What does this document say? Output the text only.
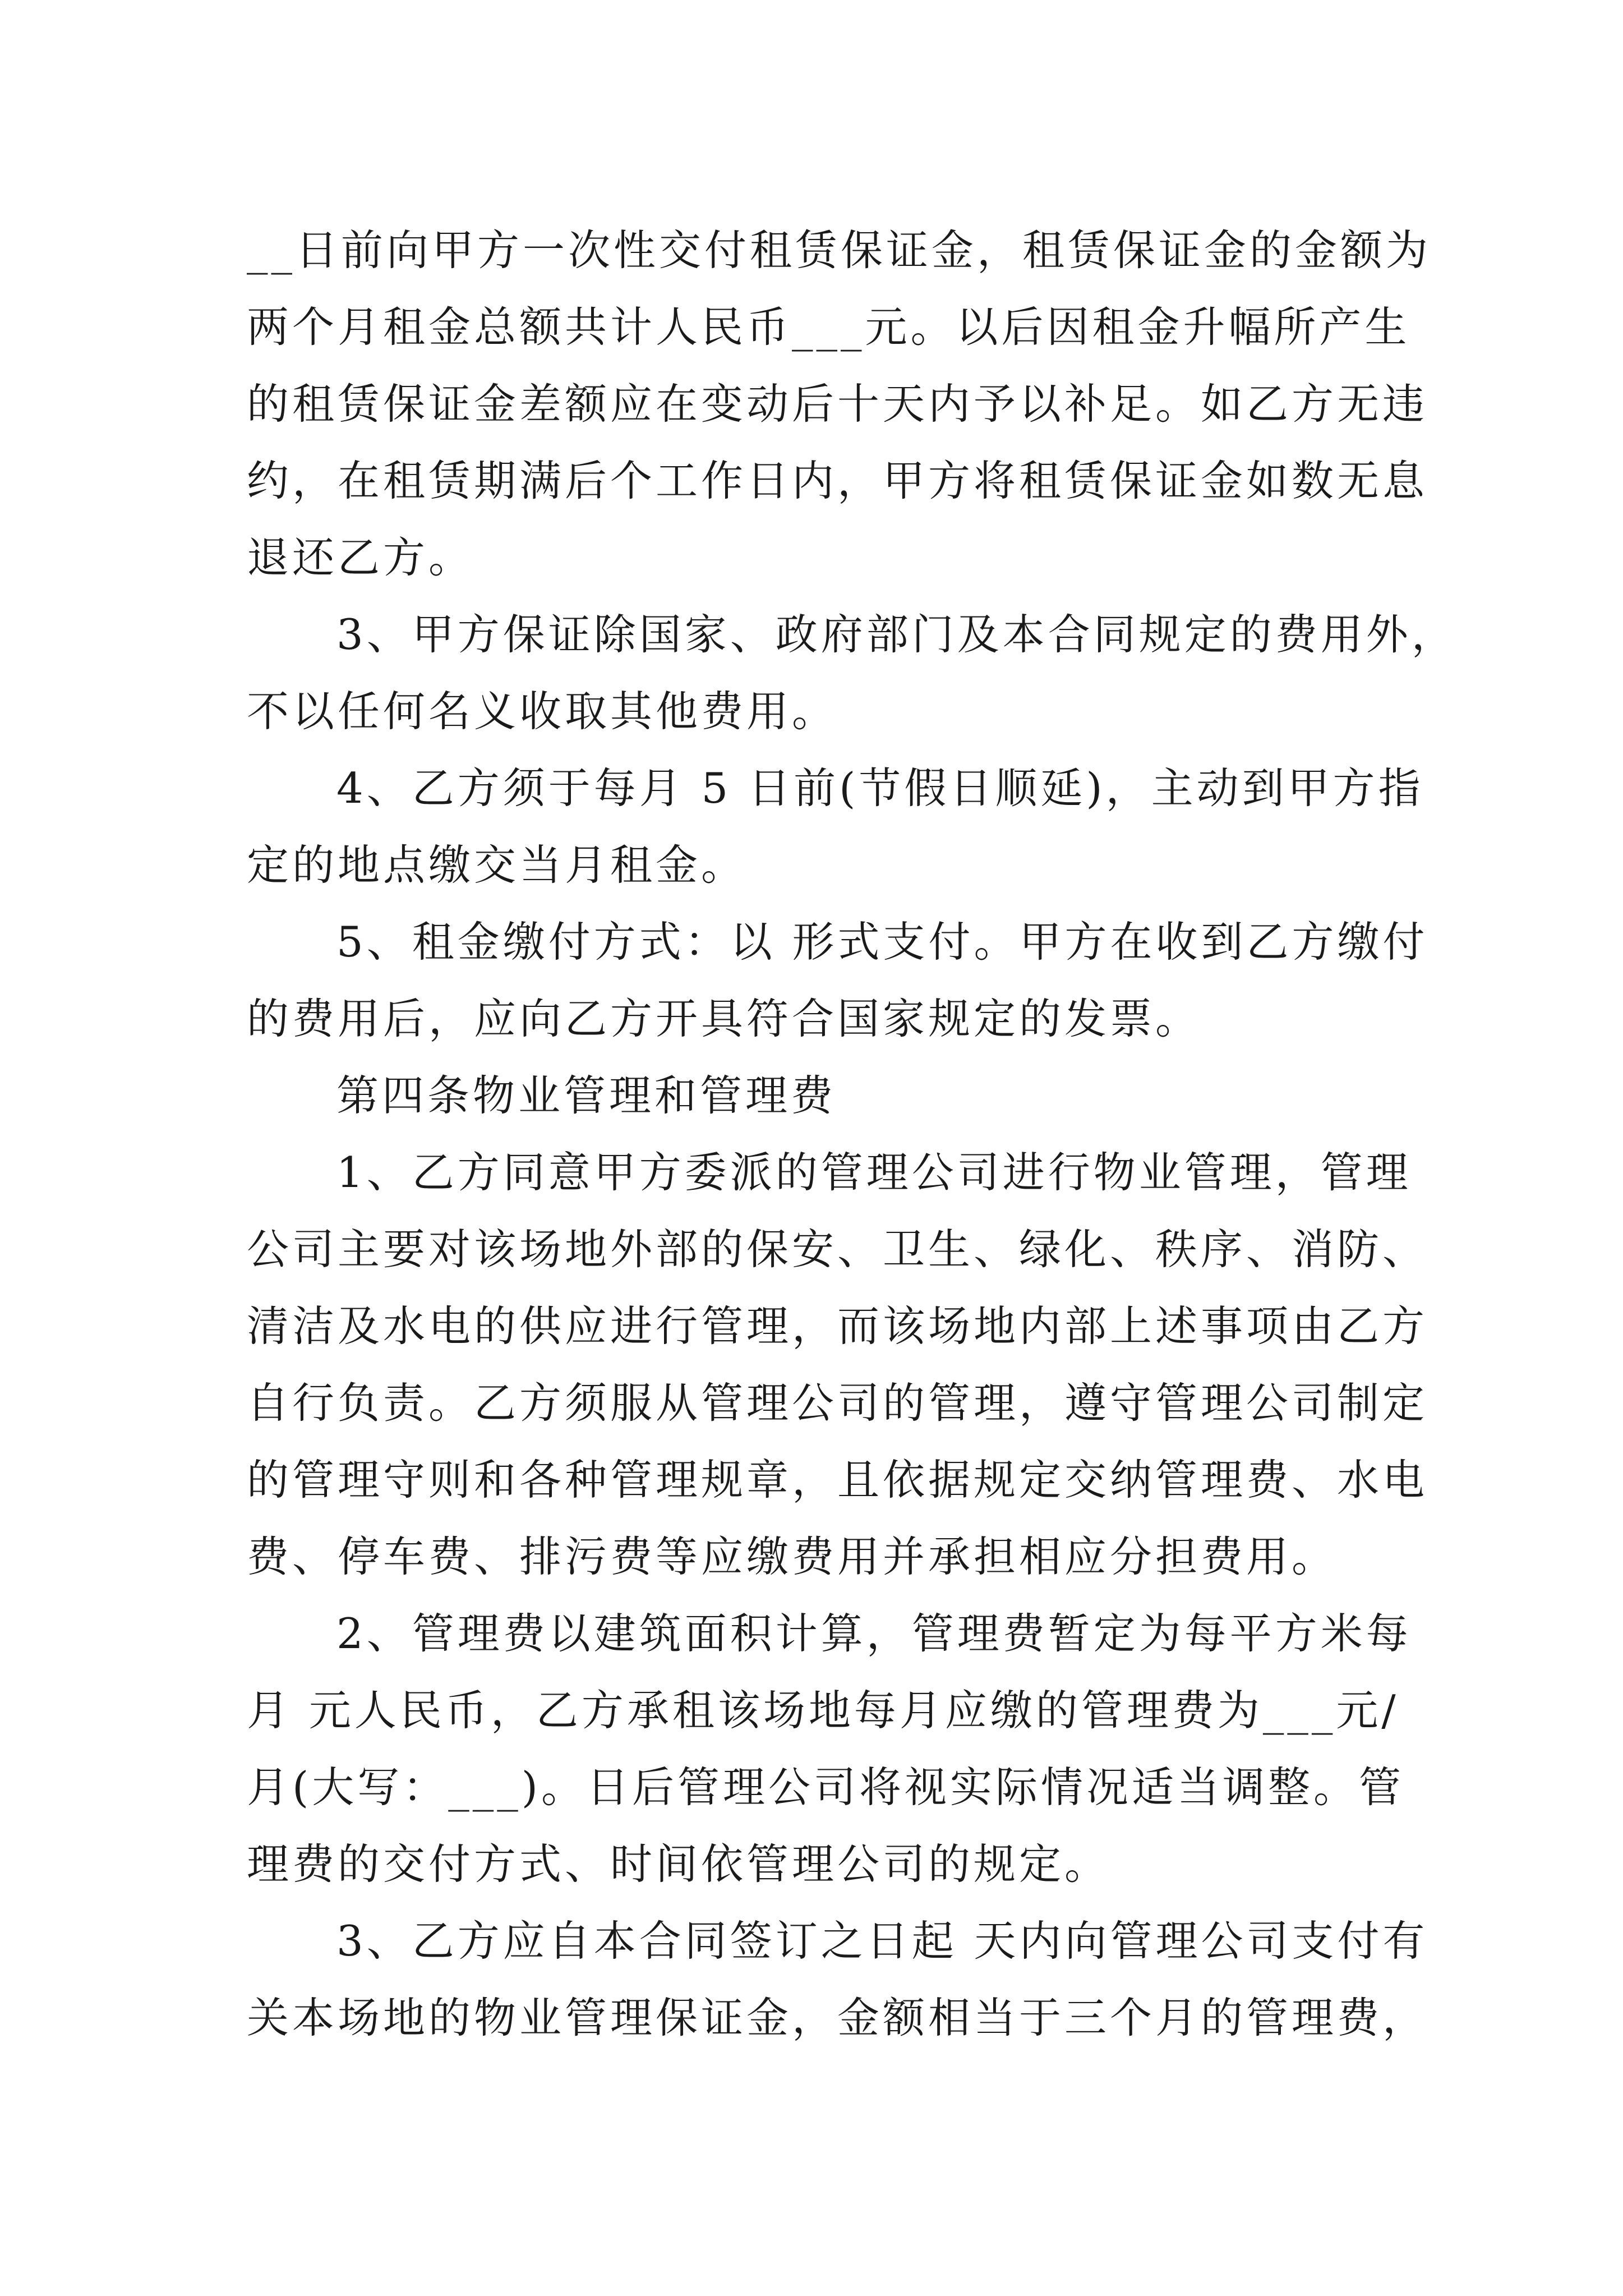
__日前向甲方一次性交付租赁保证金，租赁保证金的金额为
两个月租金总额共计人民币___元。以后因租金升幅所产生
的租赁保证金差额应在变动后十天内予以补足。如乙方无违
约，在租赁期满后个工作日内，甲方将租赁保证金如数无息
退还乙方。
3、甲方保证除国家、政府部门及本合同规定的费用外，
不以任何名义收取其他费用。
4、乙方须于每月 5 日前(节假日顺延)，主动到甲方指
定的地点缴交当月租金。
5、租金缴付方式：以 形式支付。甲方在收到乙方缴付
的费用后，应向乙方开具符合国家规定的发票。
第四条物业管理和管理费
1、乙方同意甲方委派的管理公司进行物业管理，管理
公司主要对该场地外部的保安、卫生、绿化、秩序、消防、
清洁及水电的供应进行管理，而该场地内部上述事项由乙方
自行负责。乙方须服从管理公司的管理，遵守管理公司制定
的管理守则和各种管理规章，且依据规定交纳管理费、水电
费、停车费、排污费等应缴费用并承担相应分担费用。
2、管理费以建筑面积计算，管理费暂定为每平方米每
月 元人民币，乙方承租该场地每月应缴的管理费为___元/
月(大写：___)。日后管理公司将视实际情况适当调整。管
理费的交付方式、时间依管理公司的规定。
3、乙方应自本合同签订之日起 天内向管理公司支付有
关本场地的物业管理保证金，金额相当于三个月的管理费，
